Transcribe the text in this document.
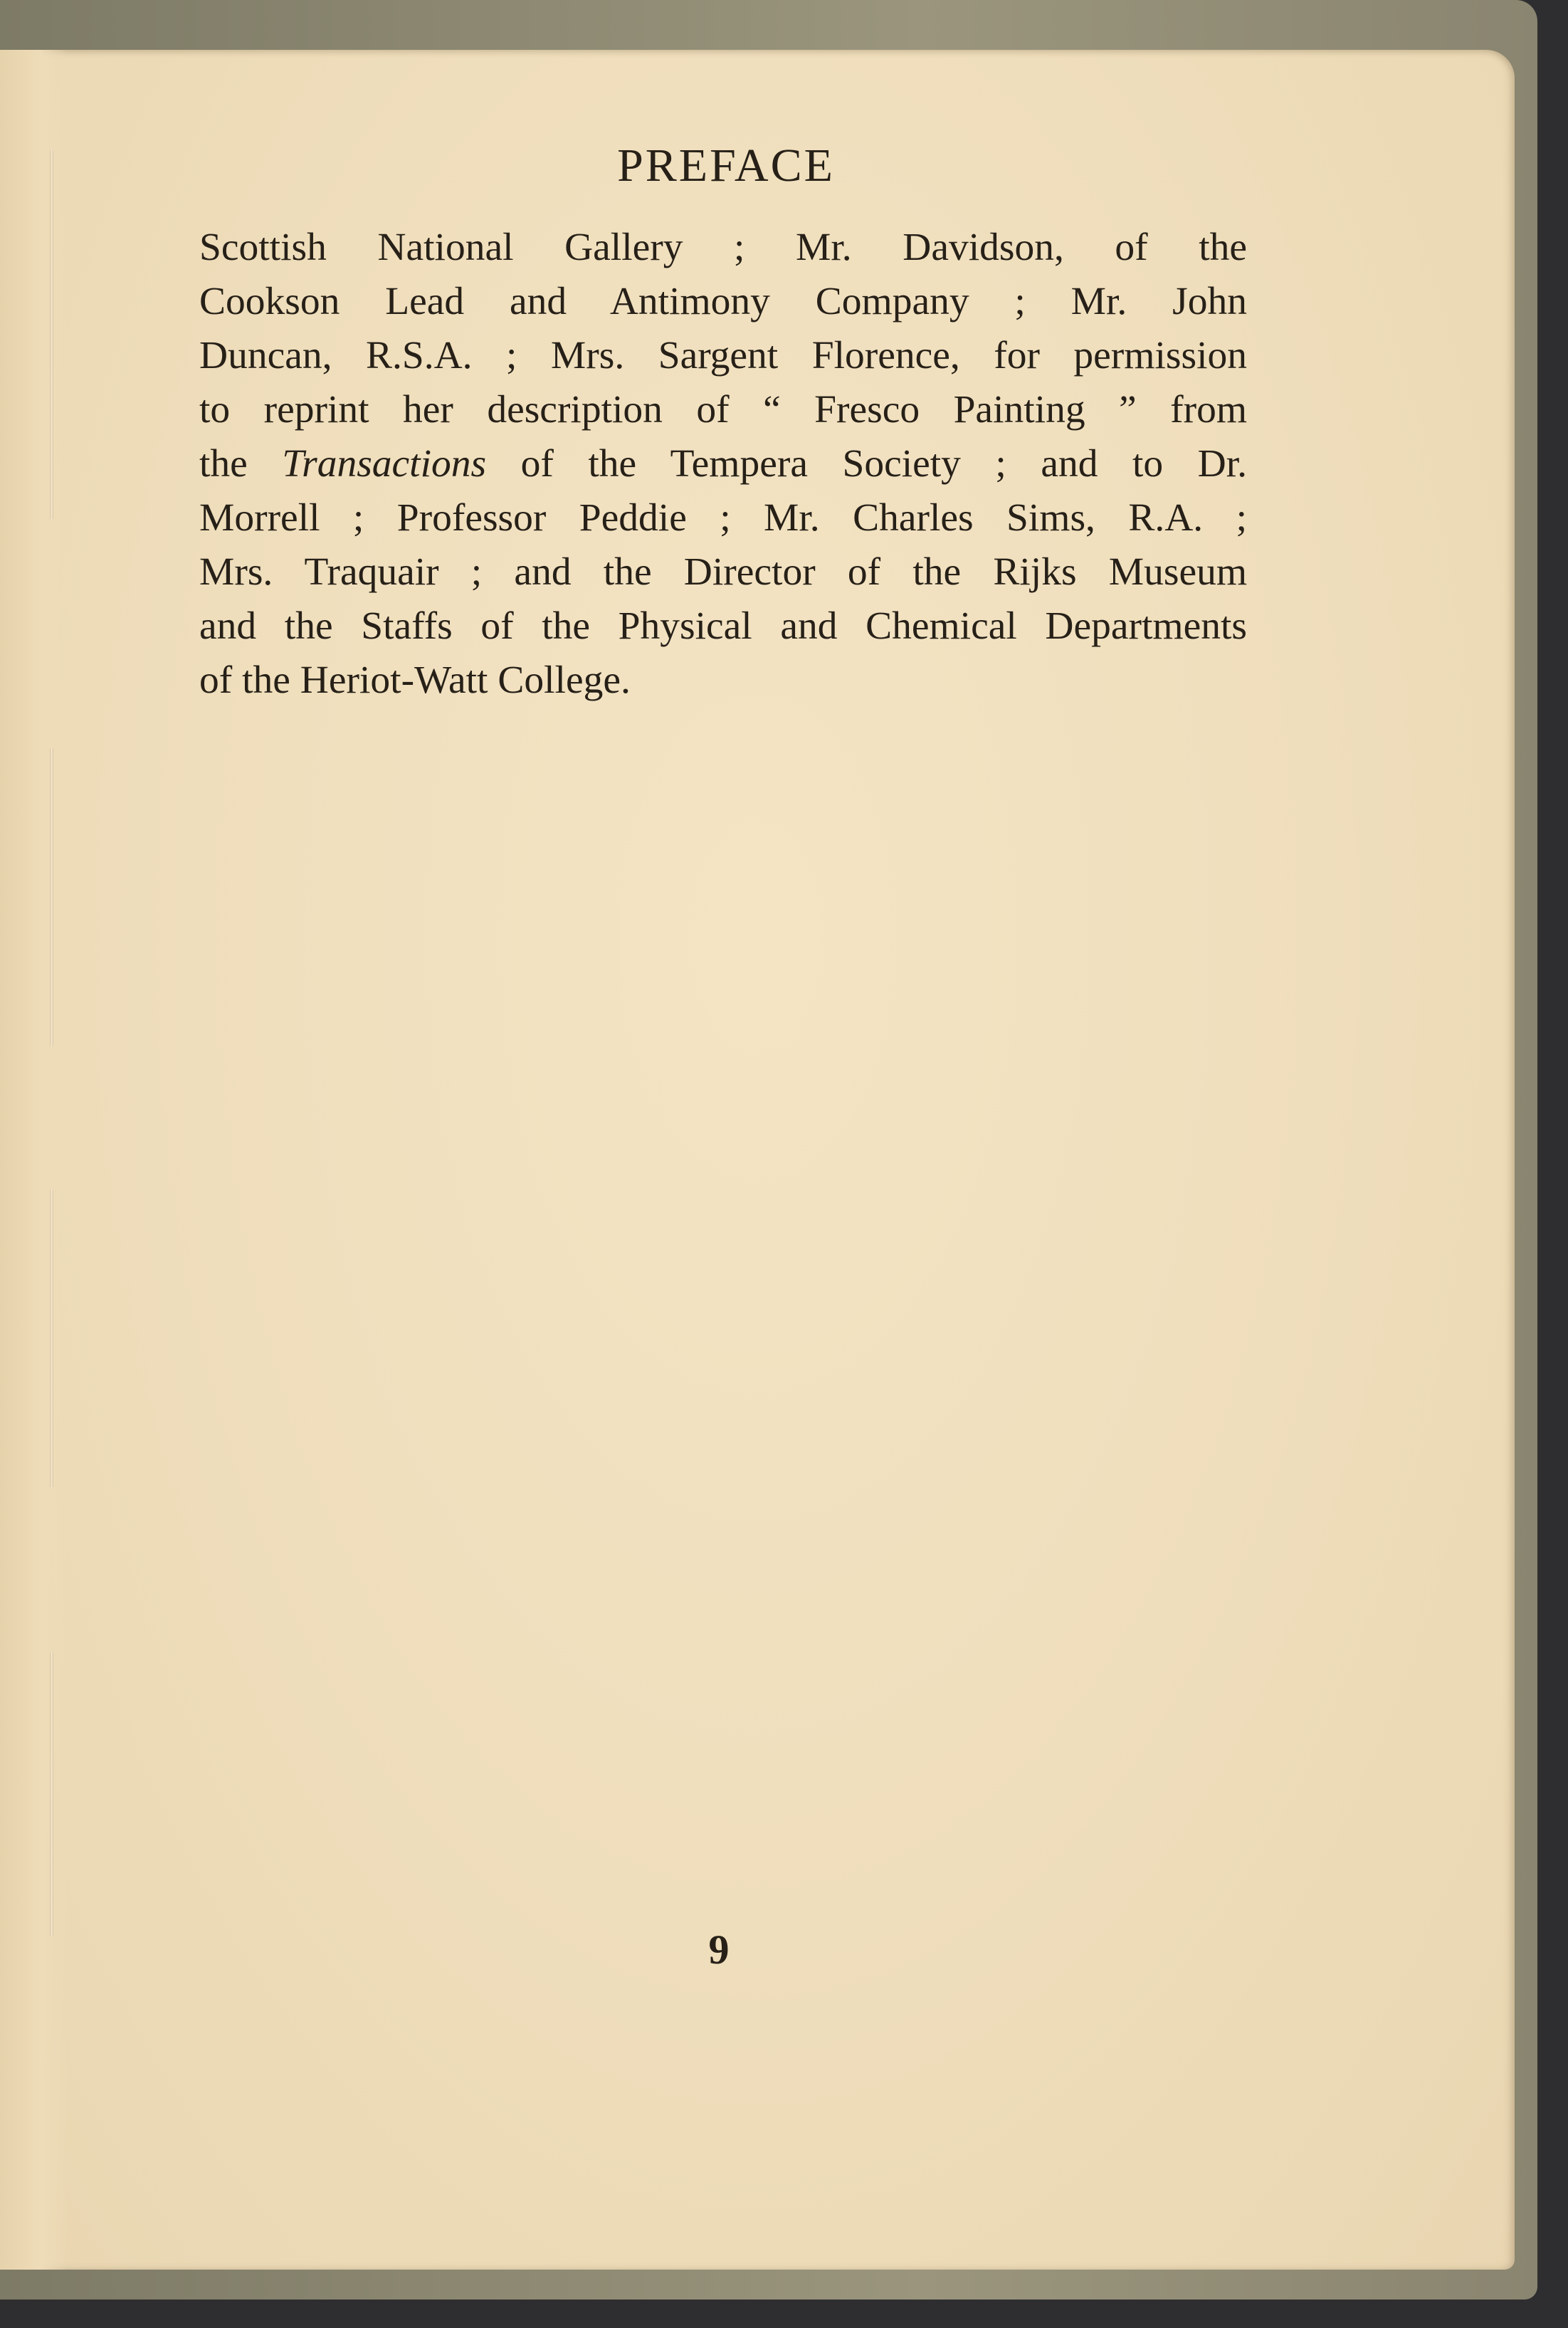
PREFACE

Scottish National Gallery ; Mr. Davidson, of the
Cookson Lead and Antimony Company ; Mr. John
Duncan, R.S.A. ; Mrs. Sargent Florence, for permission
to reprint her description of “ Fresco Painting ” from
the Transactions of the Tempera Society ; and to Dr.
Morrell ; Professor Peddie ; Mr. Charles Sims, R.A. ;
Mrs. Traquair ; and the Director of the Rijks Museum
and the Staffs of the Physical and Chemical Departments
of the Heriot-Watt College.

9
